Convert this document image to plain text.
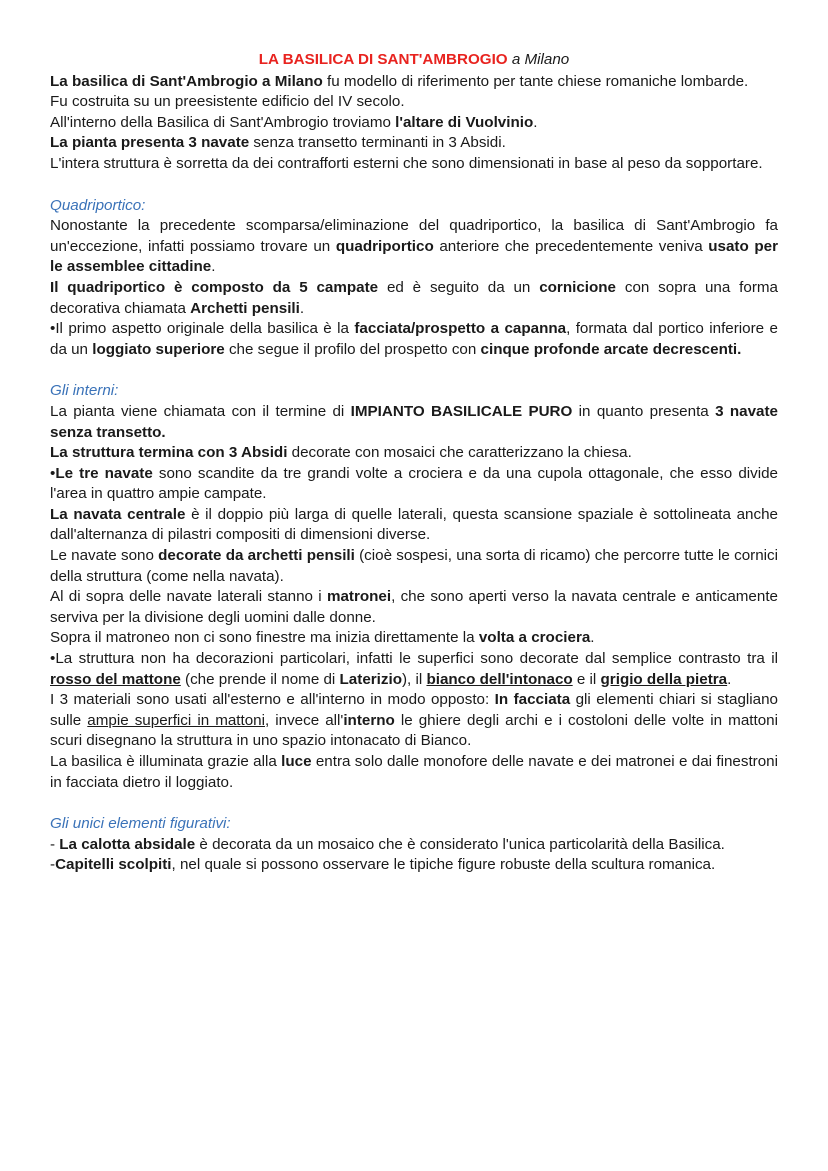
LA BASILICA DI SANT'AMBROGIO a Milano

La basilica di Sant'Ambrogio a Milano fu modello di riferimento per tante chiese romaniche lombarde.

Fu costruita su un preesistente edificio del IV secolo.

All'interno della Basilica di Sant'Ambrogio troviamo l'altare di Vuolvinio.

La pianta presenta 3 navate senza transetto terminanti in 3 Absidi.

L'intera struttura è sorretta da dei contrafforti esterni che sono dimensionati in base al peso da sopportare.

Quadriportico:

Nonostante la precedente scomparsa/eliminazione del quadriportico, la basilica di Sant'Ambrogio fa un'eccezione, infatti possiamo trovare un quadriportico anteriore che precedentemente veniva usato per le assemblee cittadine.

Il quadriportico è composto da 5 campate ed è seguito da un cornicione con sopra una forma decorativa chiamata Archetti pensili.

•Il primo aspetto originale della basilica è la facciata/prospetto a capanna, formata dal portico inferiore e da un loggiato superiore che segue il profilo del prospetto con cinque profonde arcate decrescenti.

Gli interni:

La pianta viene chiamata con il termine di IMPIANTO BASILICALE PURO in quanto presenta 3 navate senza transetto.

La struttura termina con 3 Absidi decorate con mosaici che caratterizzano la chiesa.

•Le tre navate sono scandite da tre grandi volte a crociera e da una cupola ottagonale, che esso divide l'area in quattro ampie campate.

La navata centrale è il doppio più larga di quelle laterali, questa scansione spaziale è sottolineata anche dall'alternanza di pilastri compositi di dimensioni diverse.

Le navate sono decorate da archetti pensili (cioè sospesi, una sorta di ricamo) che percorre tutte le cornici della struttura (come nella navata).

Al di sopra delle navate laterali stanno i matronei, che sono aperti verso la navata centrale e anticamente serviva per la divisione degli uomini dalle donne.

Sopra il matroneo non ci sono finestre ma inizia direttamente la volta a crociera.

•La struttura non ha decorazioni particolari, infatti le superfici sono decorate dal semplice contrasto tra il rosso del mattone (che prende il nome di Laterizio), il bianco dell'intonaco e il grigio della pietra.

I 3 materiali sono usati all'esterno e all'interno in modo opposto: In facciata gli elementi chiari si stagliano sulle ampie superfici in mattoni, invece all'interno le ghiere degli archi e i costoloni delle volte in mattoni scuri disegnano la struttura in uno spazio intonacato di Bianco.

La basilica è illuminata grazie alla luce entra solo dalle monofore delle navate e dei matronei e dai finestroni in facciata dietro il loggiato.

Gli unici elementi figurativi:

- La calotta absidale è decorata da un mosaico che è considerato l'unica particolarità della Basilica.

-Capitelli scolpiti, nel quale si possono osservare le tipiche figure robuste della scultura romanica.
